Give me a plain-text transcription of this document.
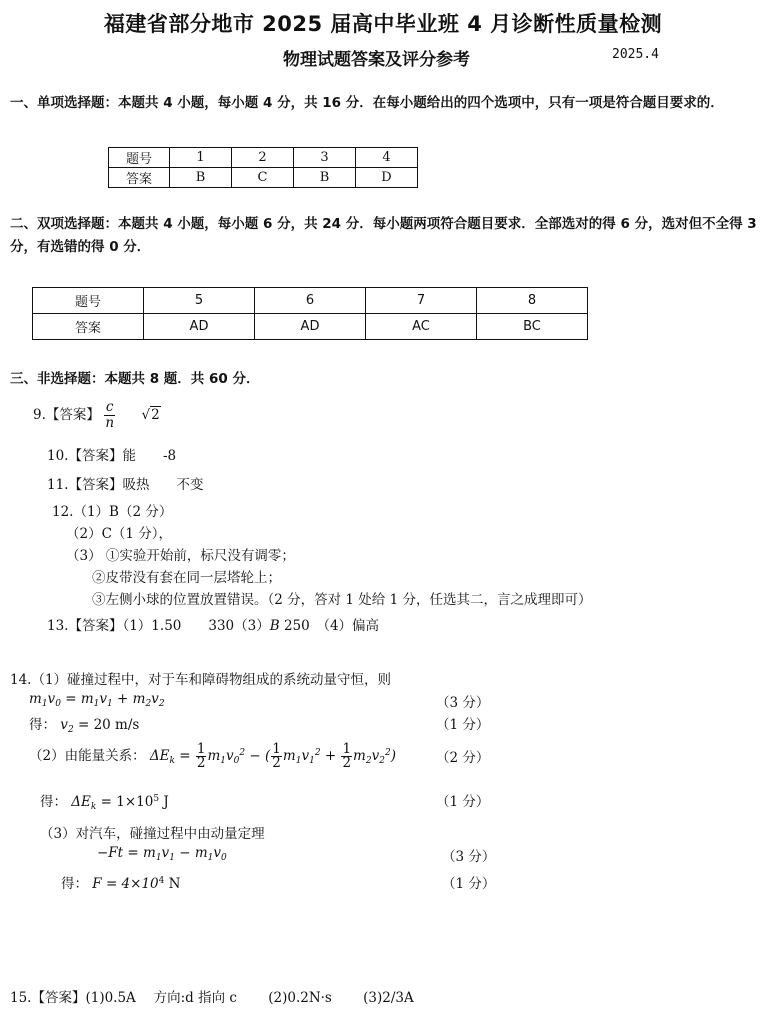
福建省部分地市 2025 届高中毕业班 4 月诊断性质量检测
物理试题答案及评分参考	2025.4
一、单项选择题：本题共 4 小题，每小题 4 分，共 16 分．在每小题给出的四个选项中，只有一项是符合题目要求的．
题号	1	2	3	4
答案	B	C	B	D
二、双项选择题：本题共 4 小题，每小题 6 分，共 24 分．每小题两项符合题目要求．全部选对的得 6 分，选对但不全得 3 分，有选错的得 0 分．
题号	5	6	7	8
答案	AD	AD	AC	BC
三、非选择题：本题共 8 题．共 60 分．
9.【答案】 $\frac{c}{n} √2$
10.【答案】能　　-8
11.【答案】吸热　　不变
12.（1）B（2 分）
（2）C（1 分），
（3） ①实验开始前，标尺没有调零；
②皮带没有套在同一层塔轮上；
③左侧小球的位置放置错误。（2 分，答对 1 处给 1 分，任选其二，言之成理即可）
13.【答案】（1）1.50　　330（3）B 250　（4）偏高
14.（1）碰撞过程中，对于车和障碍物组成的系统动量守恒，则
$m_1v_0 = m_1v_1 + m_2v_2$	（3 分）
得： $v_2 = 20$ m/s	（1 分）
（2）由能量关系： $\Delta E_k = \frac{1}{2} m_1v_0^2$ − ( $\frac{1}{2} m_1v_1^2 + \frac{1}{2} m_2v_2^2$)	（2 分）
得： $\Delta E_k = 1\times 10^5$ J	（1 分）
（3）对汽车，碰撞过程中由动量定理
$-Ft = m_1v_1 - m_1v_0$	（3 分）
得： $F = 4\times 10^4$ N	（1 分）
15.【答案】(1)0.5A　 方向:d 指向 c　　 (2)0.2N·s　　 (3)2/3A
